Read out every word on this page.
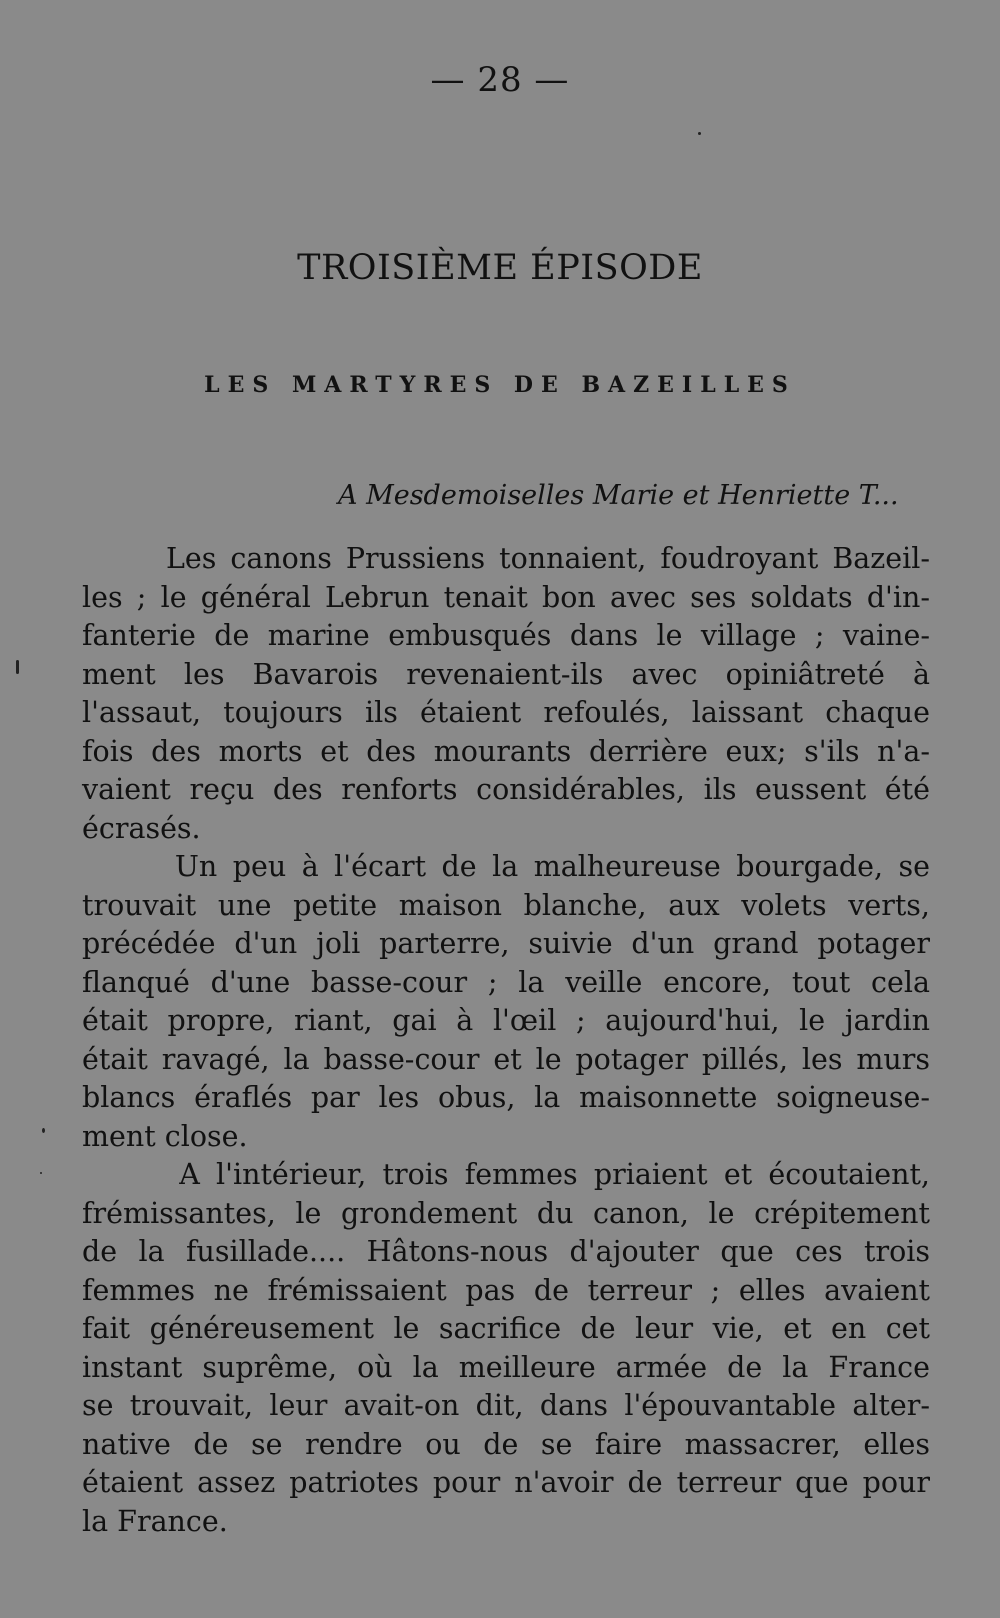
— 28 —
TROISIÈME ÉPISODE
LES MARTYRES DE BAZEILLES
A Mesdemoiselles Marie et Henriette T...
Les canons Prussiens tonnaient, foudroyant Bazeil-
les ; le général Lebrun tenait bon avec ses soldats d'in-
fanterie de marine embusqués dans le village ; vaine-
ment les Bavarois revenaient-ils avec opiniâtreté à
l'assaut, toujours ils étaient refoulés, laissant chaque
fois des morts et des mourants derrière eux; s'ils n'a-
vaient reçu des renforts considérables, ils eussent été
écrasés.
Un peu à l'écart de la malheureuse bourgade, se
trouvait une petite maison blanche, aux volets verts,
précédée d'un joli parterre, suivie d'un grand potager
flanqué d'une basse-cour ; la veille encore, tout cela
était propre, riant, gai à l'œil ; aujourd'hui, le jardin
était ravagé, la basse-cour et le potager pillés, les murs
blancs éraflés par les obus, la maisonnette soigneuse-
ment close.
A l'intérieur, trois femmes priaient et écoutaient,
frémissantes, le grondement du canon, le crépitement
de la fusillade.... Hâtons-nous d'ajouter que ces trois
femmes ne frémissaient pas de terreur ; elles avaient
fait généreusement le sacrifice de leur vie, et en cet
instant suprême, où la meilleure armée de la France
se trouvait, leur avait-on dit, dans l'épouvantable alter-
native de se rendre ou de se faire massacrer, elles
étaient assez patriotes pour n'avoir de terreur que pour
la France.
